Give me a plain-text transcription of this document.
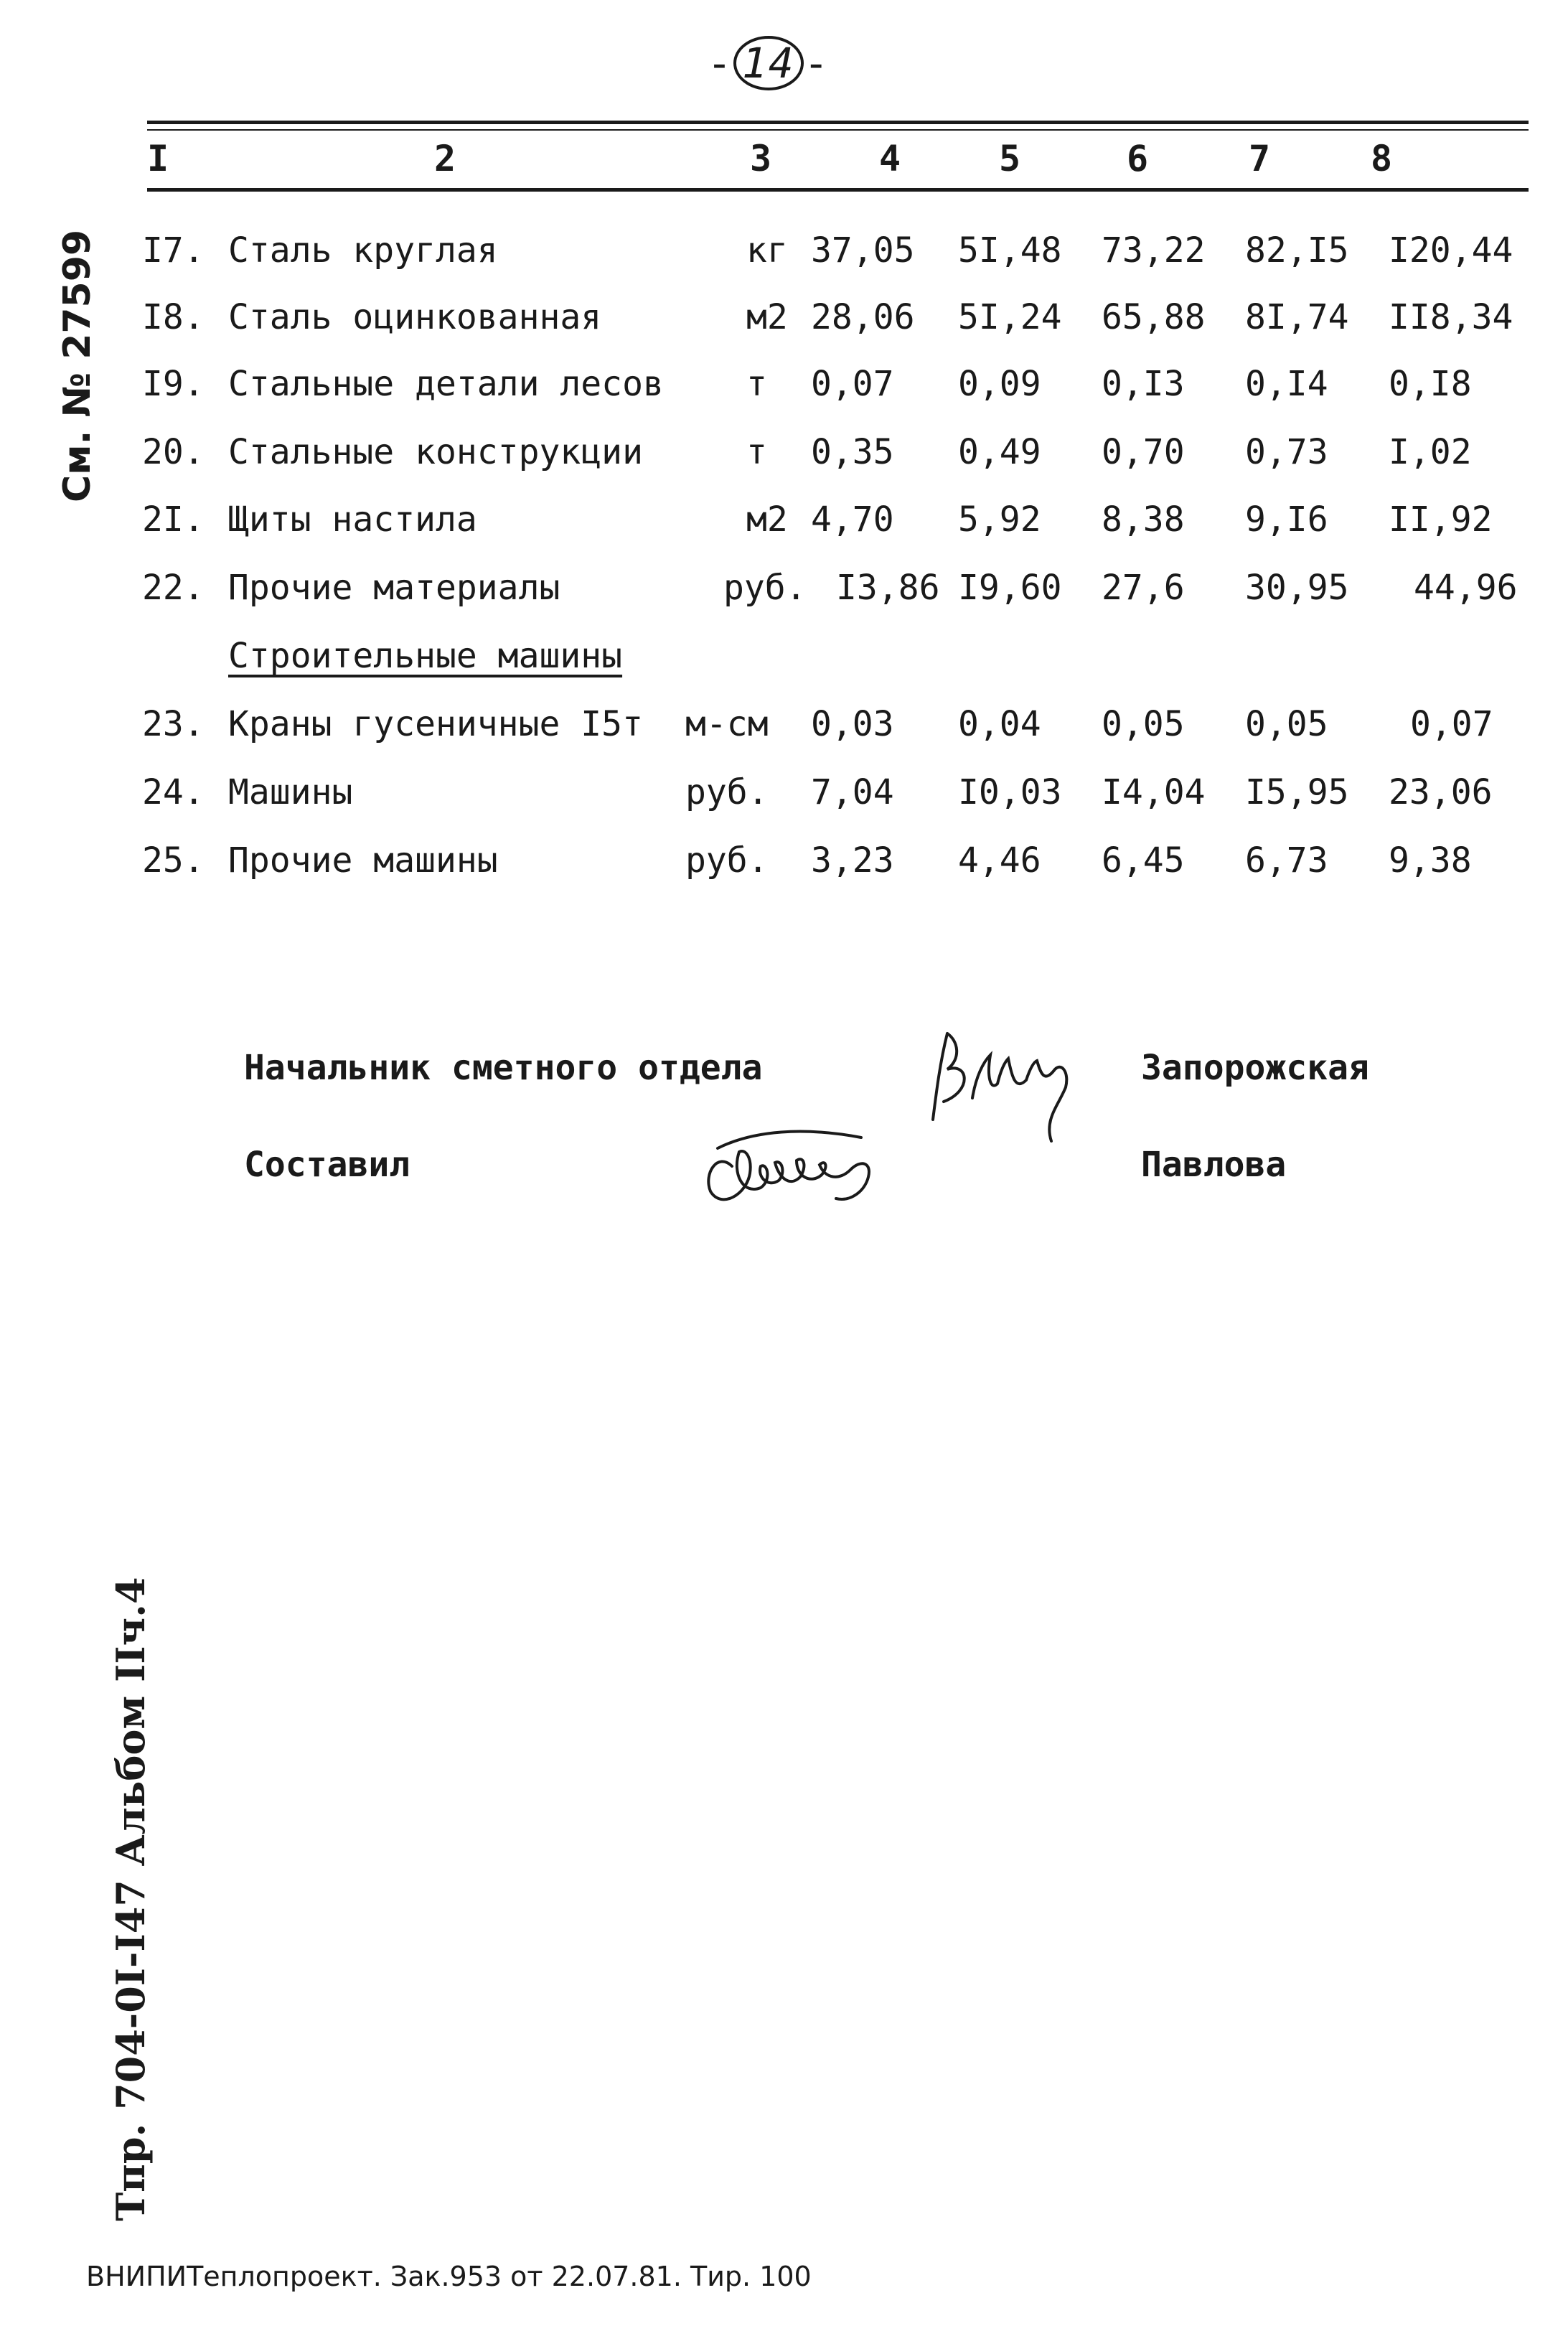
- 14 -
См. № 27599
Тпр. 704-0I-I47 Альбом IIч.4
I	2	3	4	5	6	7	8
I7. Сталь круглая	кг 37,05 5I,48 73,22 82,I5 I20,44
I8. Сталь оцинкованная	м2 28,06 5I,24 65,88 8I,74 II8,34
I9. Стальные детали лесов т 0,07 0,09 0,I3 0,I4 0,I8
20. Стальные конструкции	т 0,35 0,49 0,70 0,73 I,02
2I. Щиты настила	м2 4,70 5,92 8,38 9,I6 II,92
22. Прочие материалы	руб. I3,86 I9,60 27,6 30,95 44,96
Строительные машины
23. Краны гусеничные I5т м-см 0,03 0,04 0,05 0,05 0,07
24. Машины	руб. 7,04 I0,03 I4,04 I5,95 23,06
25. Прочие машины	руб. 3,23 4,46 6,45 6,73 9,38
Начальник сметного отдела	Запорожская
Составил	Павлова
ВНИПИТеплопроект. Зак.953 от 22.07.81. Тир. 100
